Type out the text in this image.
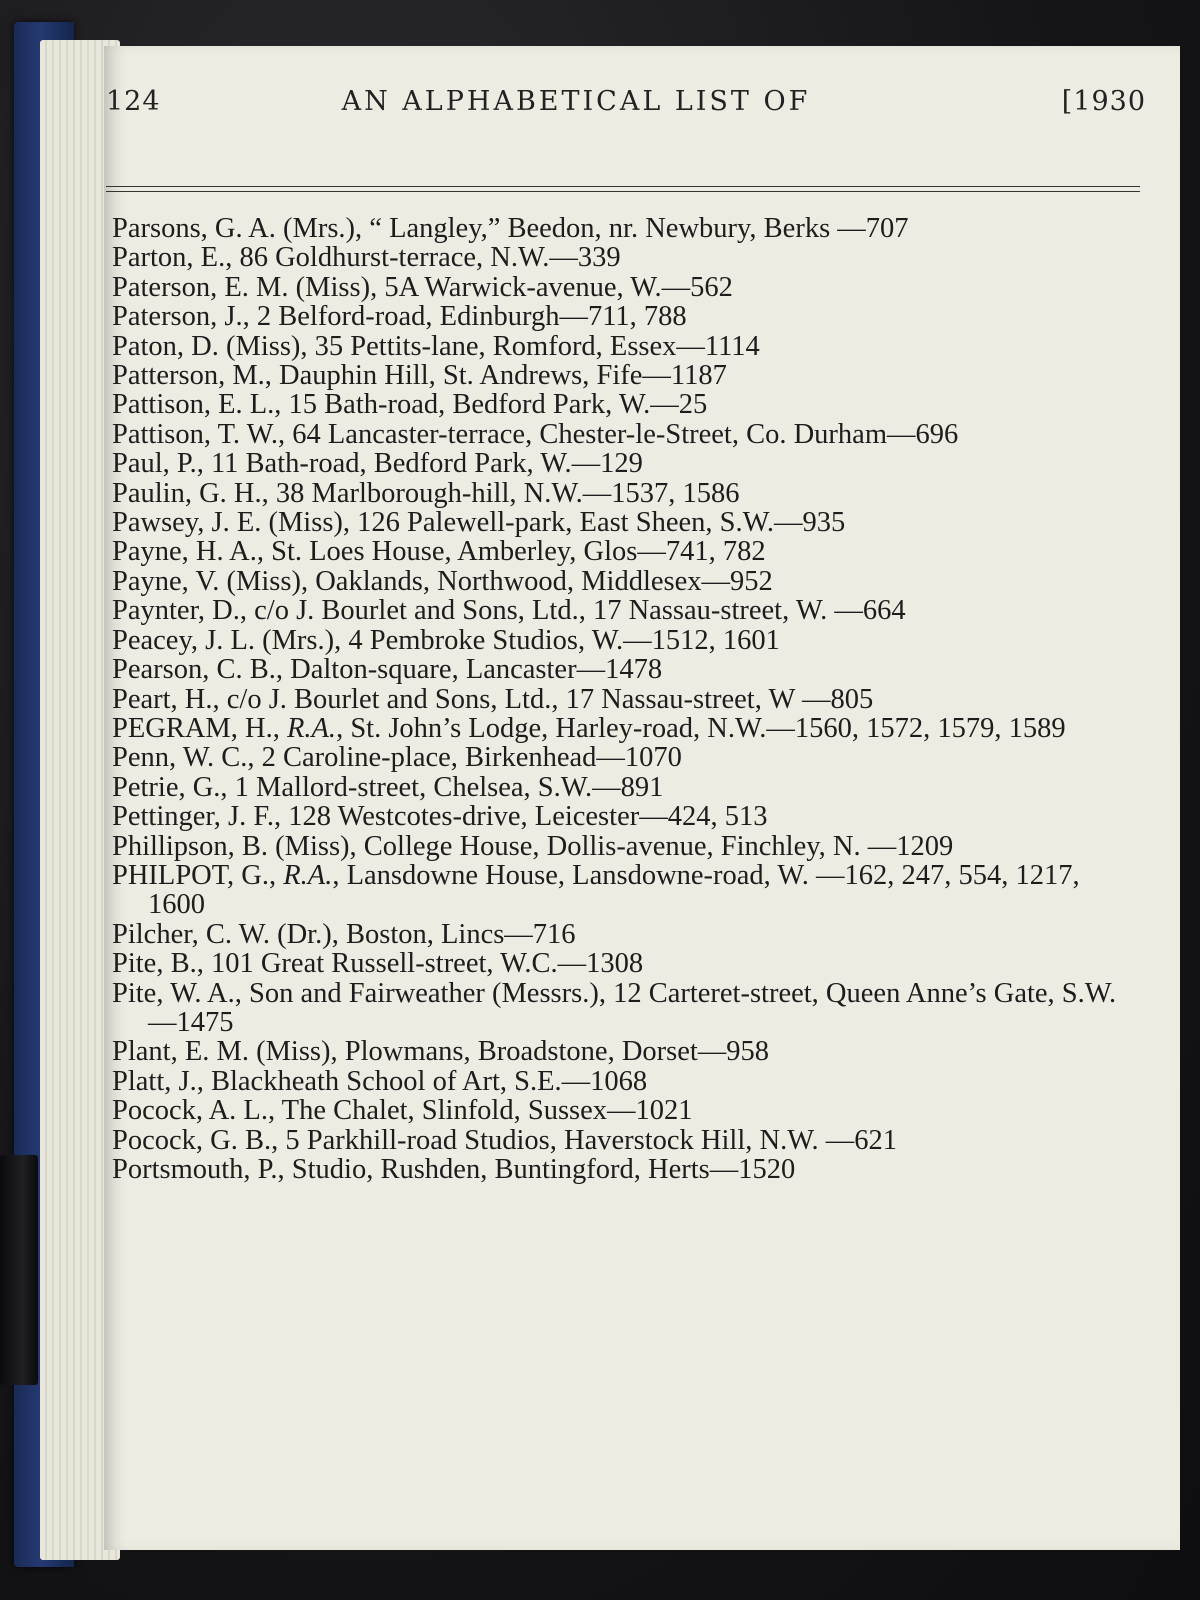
124	AN ALPHABETICAL LIST OF	[1930

Parsons, G. A. (Mrs.), “ Langley,” Beedon, nr. Newbury, Berks —707

Parton, E., 86 Goldhurst-terrace, N.W.—339

Paterson, E. M. (Miss), 5A Warwick-avenue, W.—562

Paterson, J., 2 Belford-road, Edinburgh—711, 788

Paton, D. (Miss), 35 Pettits-lane, Romford, Essex—1114

Patterson, M., Dauphin Hill, St. Andrews, Fife—1187

Pattison, E. L., 15 Bath-road, Bedford Park, W.—25

Pattison, T. W., 64 Lancaster-terrace, Chester-le-Street, Co. Durham—696

Paul, P., 11 Bath-road, Bedford Park, W.—129

Paulin, G. H., 38 Marlborough-hill, N.W.—1537, 1586

Pawsey, J. E. (Miss), 126 Palewell-park, East Sheen, S.W.—935

Payne, H. A., St. Loes House, Amberley, Glos—741, 782

Payne, V. (Miss), Oaklands, Northwood, Middlesex—952

Paynter, D., c/o J. Bourlet and Sons, Ltd., 17 Nassau-street, W. —664

Peacey, J. L. (Mrs.), 4 Pembroke Studios, W.—1512, 1601

Pearson, C. B., Dalton-square, Lancaster—1478

Peart, H., c/o J. Bourlet and Sons, Ltd., 17 Nassau-street, W —805

PEGRAM, H., R.A., St. John’s Lodge, Harley-road, N.W.—1560, 1572, 1579, 1589

Penn, W. C., 2 Caroline-place, Birkenhead—1070

Petrie, G., 1 Mallord-street, Chelsea, S.W.—891

Pettinger, J. F., 128 Westcotes-drive, Leicester—424, 513

Phillipson, B. (Miss), College House, Dollis-avenue, Finchley, N. —1209

PHILPOT, G., R.A., Lansdowne House, Lansdowne-road, W. —162, 247, 554, 1217, 1600

Pilcher, C. W. (Dr.), Boston, Lincs—716

Pite, B., 101 Great Russell-street, W.C.—1308

Pite, W. A., Son and Fairweather (Messrs.), 12 Carteret-street, Queen Anne’s Gate, S.W.—1475

Plant, E. M. (Miss), Plowmans, Broadstone, Dorset—958

Platt, J., Blackheath School of Art, S.E.—1068

Pocock, A. L., The Chalet, Slinfold, Sussex—1021

Pocock, G. B., 5 Parkhill-road Studios, Haverstock Hill, N.W. —621

Portsmouth, P., Studio, Rushden, Buntingford, Herts—1520
